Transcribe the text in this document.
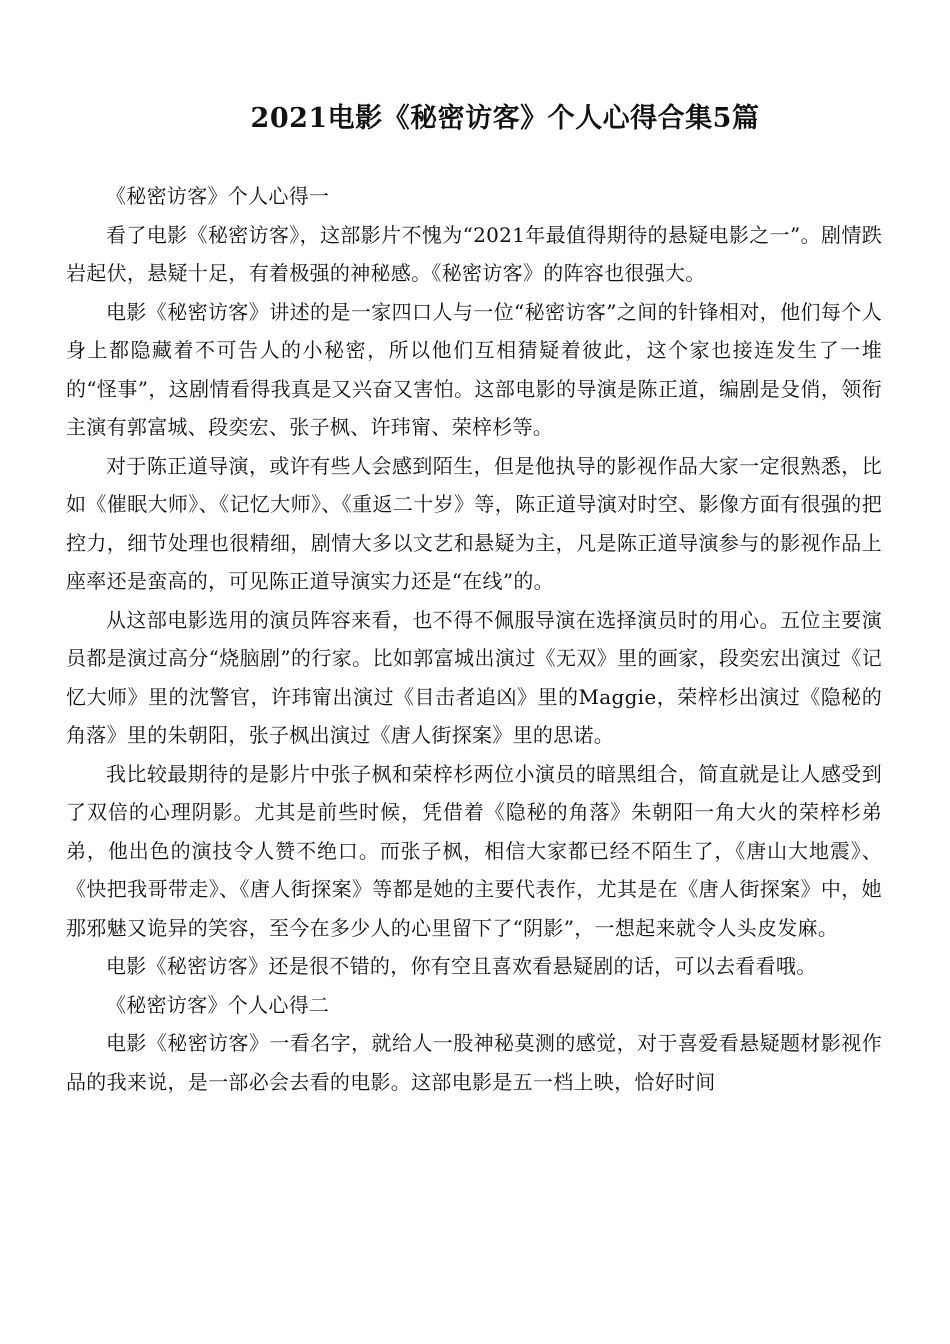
2021电影《秘密访客》个人心得合集5篇

《秘密访客》个人心得一

看了电影《秘密访客》，这部影片不愧为“2021年最值得期待的悬疑电影之一”。剧情跌岩起伏，悬疑十足，有着极强的神秘感。《秘密访客》的阵容也很强大。

电影《秘密访客》讲述的是一家四口人与一位“秘密访客”之间的针锋相对，他们每个人身上都隐藏着不可告人的小秘密，所以他们互相猜疑着彼此，这个家也接连发生了一堆的“怪事”，这剧情看得我真是又兴奋又害怕。这部电影的导演是陈正道，编剧是殳俏，领衔主演有郭富城、段奕宏、张子枫、许玮甯、荣梓杉等。

对于陈正道导演，或许有些人会感到陌生，但是他执导的影视作品大家一定很熟悉，比如《催眠大师》、《记忆大师》、《重返二十岁》等，陈正道导演对时空、影像方面有很强的把控力，细节处理也很精细，剧情大多以文艺和悬疑为主，凡是陈正道导演参与的影视作品上座率还是蛮高的，可见陈正道导演实力还是“在线”的。

从这部电影选用的演员阵容来看，也不得不佩服导演在选择演员时的用心。五位主要演员都是演过高分“烧脑剧”的行家。比如郭富城出演过《无双》里的画家，段奕宏出演过《记忆大师》里的沈警官，许玮甯出演过《目击者追凶》里的Maggie，荣梓杉出演过《隐秘的角落》里的朱朝阳，张子枫出演过《唐人街探案》里的思诺。

我比较最期待的是影片中张子枫和荣梓杉两位小演员的暗黑组合，简直就是让人感受到了双倍的心理阴影。尤其是前些时候，凭借着《隐秘的角落》朱朝阳一角大火的荣梓杉弟弟，他出色的演技令人赞不绝口。而张子枫，相信大家都已经不陌生了，《唐山大地震》、《快把我哥带走》、《唐人街探案》等都是她的主要代表作，尤其是在《唐人街探案》中，她那邪魅又诡异的笑容，至今在多少人的心里留下了“阴影”，一想起来就令人头皮发麻。

电影《秘密访客》还是很不错的，你有空且喜欢看悬疑剧的话，可以去看看哦。

《秘密访客》个人心得二

电影《秘密访客》一看名字，就给人一股神秘莫测的感觉，对于喜爱看悬疑题材影视作品的我来说，是一部必会去看的电影。这部电影是五一档上映，恰好时间
